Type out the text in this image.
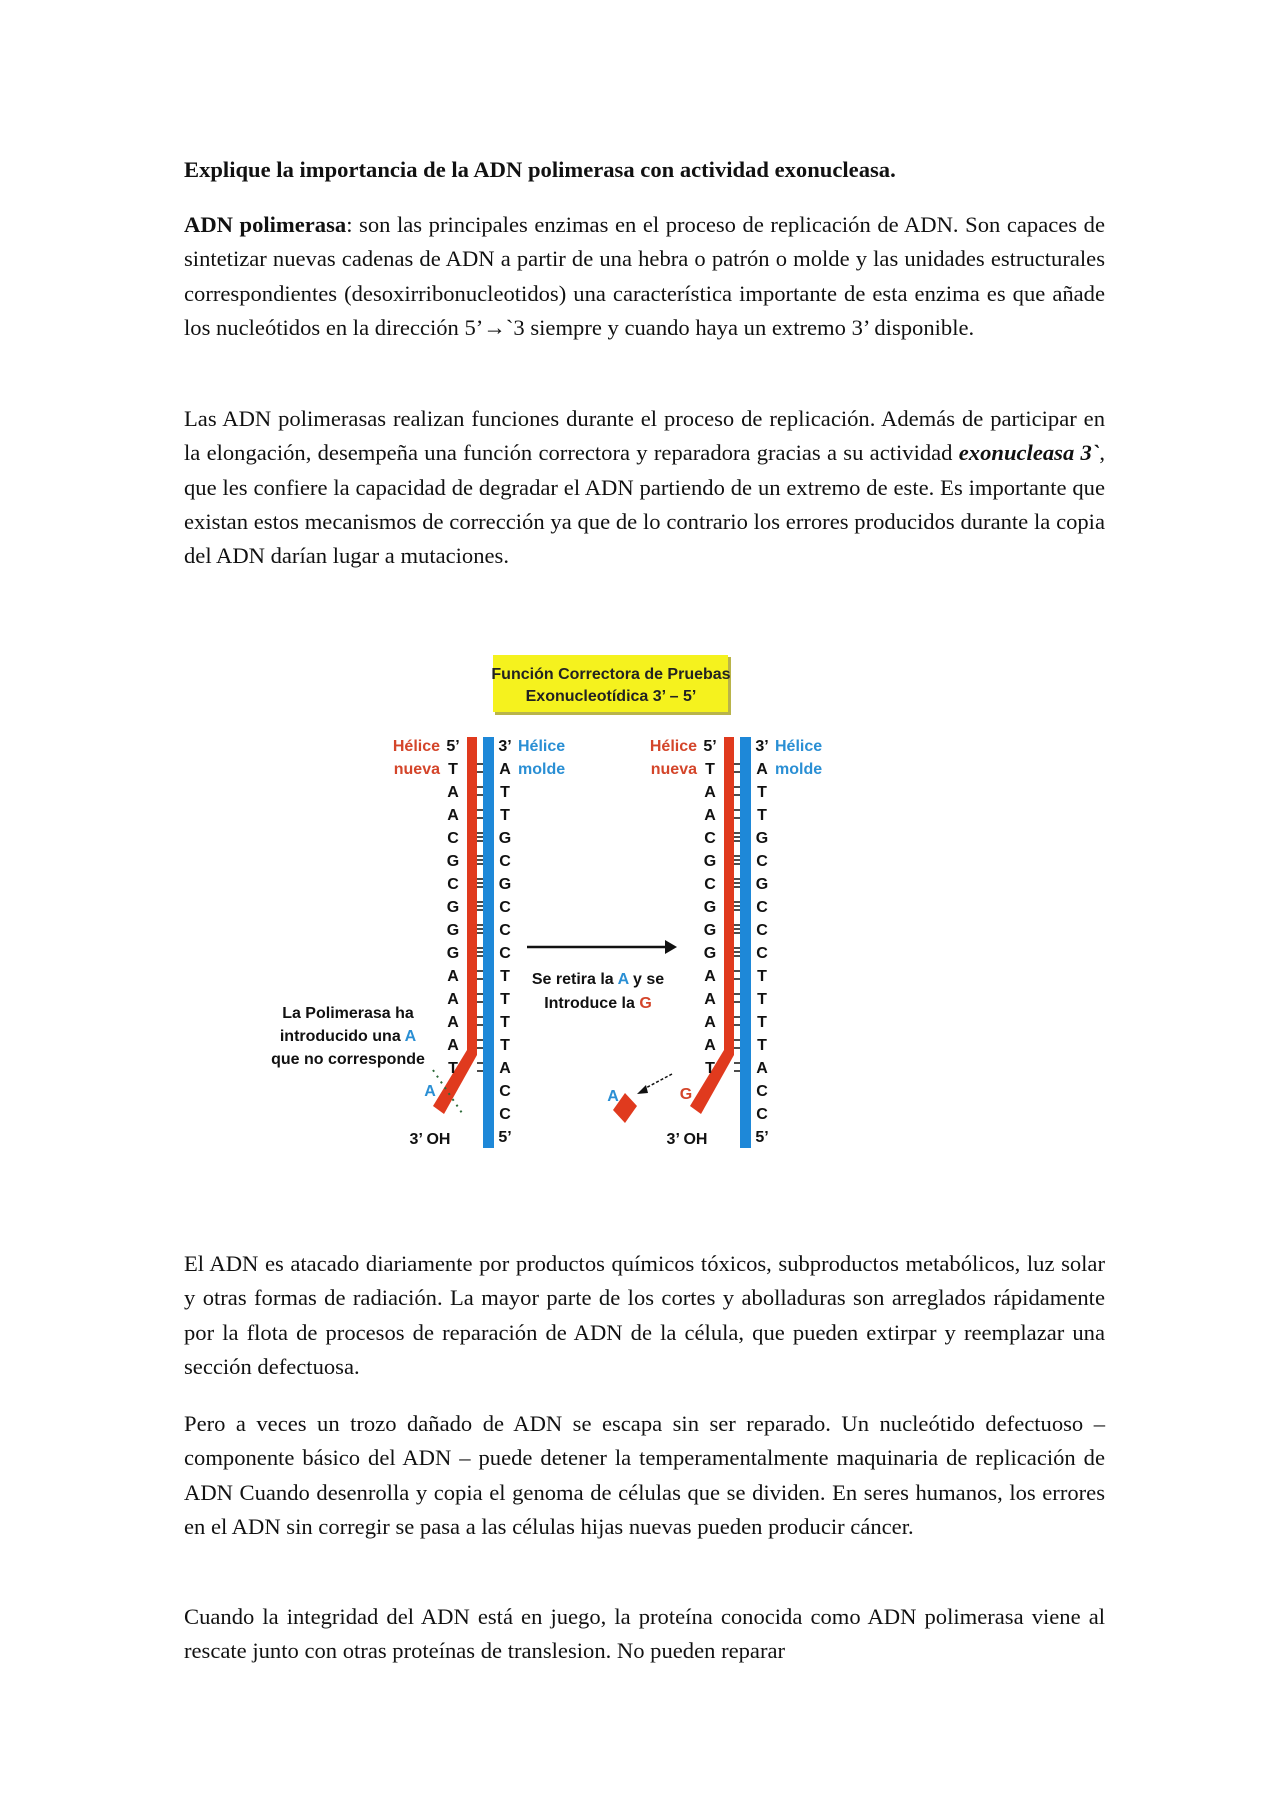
Explique la importancia de la ADN polimerasa con actividad exonucleasa.
ADN polimerasa: son las principales enzimas en el proceso de replicación de ADN. Son capaces de sintetizar nuevas cadenas de ADN a partir de una hebra o patrón o molde y las unidades estructurales correspondientes (desoxirribonucleotidos) una característica importante de esta enzima es que añade los nucleótidos en la dirección 5’→`3 siempre y cuando haya un extremo 3’ disponible.
Las ADN polimerasas realizan funciones durante el proceso de replicación. Además de participar en la elongación, desempeña una función correctora y reparadora gracias a su actividad exonucleasa 3`, que les confiere la capacidad de degradar el ADN partiendo de un extremo de este. Es importante que existan estos mecanismos de corrección ya que de lo contrario los errores producidos durante la copia del ADN darían lugar a mutaciones.
Función Correctora de Pruebas
Exonucleotídica 3’ – 5’
5’
T
A
A
C
G
C
G
G
G
A
A
A
A
T
3’
A
T
T
G
C
G
C
C
C
T
T
T
T
A
C
C
5’
Hélice
nueva
Hélice
molde
3’ OH
5’
T
A
A
C
G
C
G
G
G
A
A
A
A
T
3’
A
T
T
G
C
G
C
C
C
T
T
T
T
A
C
C
5’
Hélice
nueva
Hélice
molde
3’ OH
A	G
A
Se retira la A y se
Introduce la G
La Polimerasa ha
introducido una A
que no corresponde
El ADN es atacado diariamente por productos químicos tóxicos, subproductos metabólicos, luz solar y otras formas de radiación. La mayor parte de los cortes y abolladuras son arreglados rápidamente por la flota de procesos de reparación de ADN de la célula, que pueden extirpar y reemplazar una sección defectuosa.
Pero a veces un trozo dañado de ADN se escapa sin ser reparado. Un nucleótido defectuoso – componente básico del ADN – puede detener la temperamentalmente maquinaria de replicación de ADN Cuando desenrolla y copia el genoma de células que se dividen. En seres humanos, los errores en el ADN sin corregir se pasa a las células hijas nuevas pueden producir cáncer.
Cuando la integridad del ADN está en juego, la proteína conocida como ADN polimerasa viene al rescate junto con otras proteínas de translesion. No pueden reparar
